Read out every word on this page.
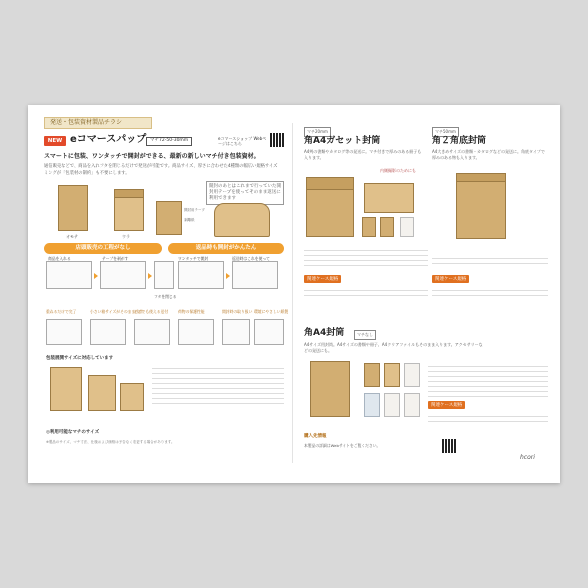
発送・包装資材製品チラシ
NEW eコマースパップ マチ72-50-30mm	eコマースショップ Webページはこちら
スマートに包装、ワンタッチで開封ができる、最新の新しいマチ付き包装資材。
通信販売などで、商品を入れフタを閉じるだけで発送が可能です。商品サイズ、厚さに合わせた4種類の幅広い規格サイズ
ミングが「包装材の制約」も不要にします。
オモテ	ウラ
開封用テープ
剥離紙
開封のあとはこれまで行っていた開封用テープを使ってそのまま返送に利用できます
店頭販売の工程がなし	返品時も開封がかんたん
商品を入れる	テープを剥がす
フタを閉じる
ワンタッチで開封	返送時はこれを使って
重ねるだけで完了	小さい箱サイズがそのまま出荷
どこでも使える送付	荷物の保護性能	開封時の取り扱い 環境にやさしい紙製
包装展開サイズに対応しています

◎利用可能なマチのサイズ
※製品のサイズ、マチ寸法、仕様および価格は予告なく変更する場合があります。
マチ20mm
角A4ガセット封筒
A4判の書類やカタログ等の発送に。マチ付きで厚みのある冊子も入ります。
内側撮影のためにも

関連ケース規格

マチ50mm
角２角底封筒
A4大きめサイズの書類・カタログなどの発送に。角底タイプで厚みのある物も入ります。

関連ケース規格

角A4封筒	マチなし
A4サイズ用封筒。A4サイズの書類や冊子、A4クリアファイルもそのまま入ります。アクセサリーなどの発送にも。

関連ケース規格

購入先情報
本製品の詳細はWebサイトをご覧ください。
hcori
